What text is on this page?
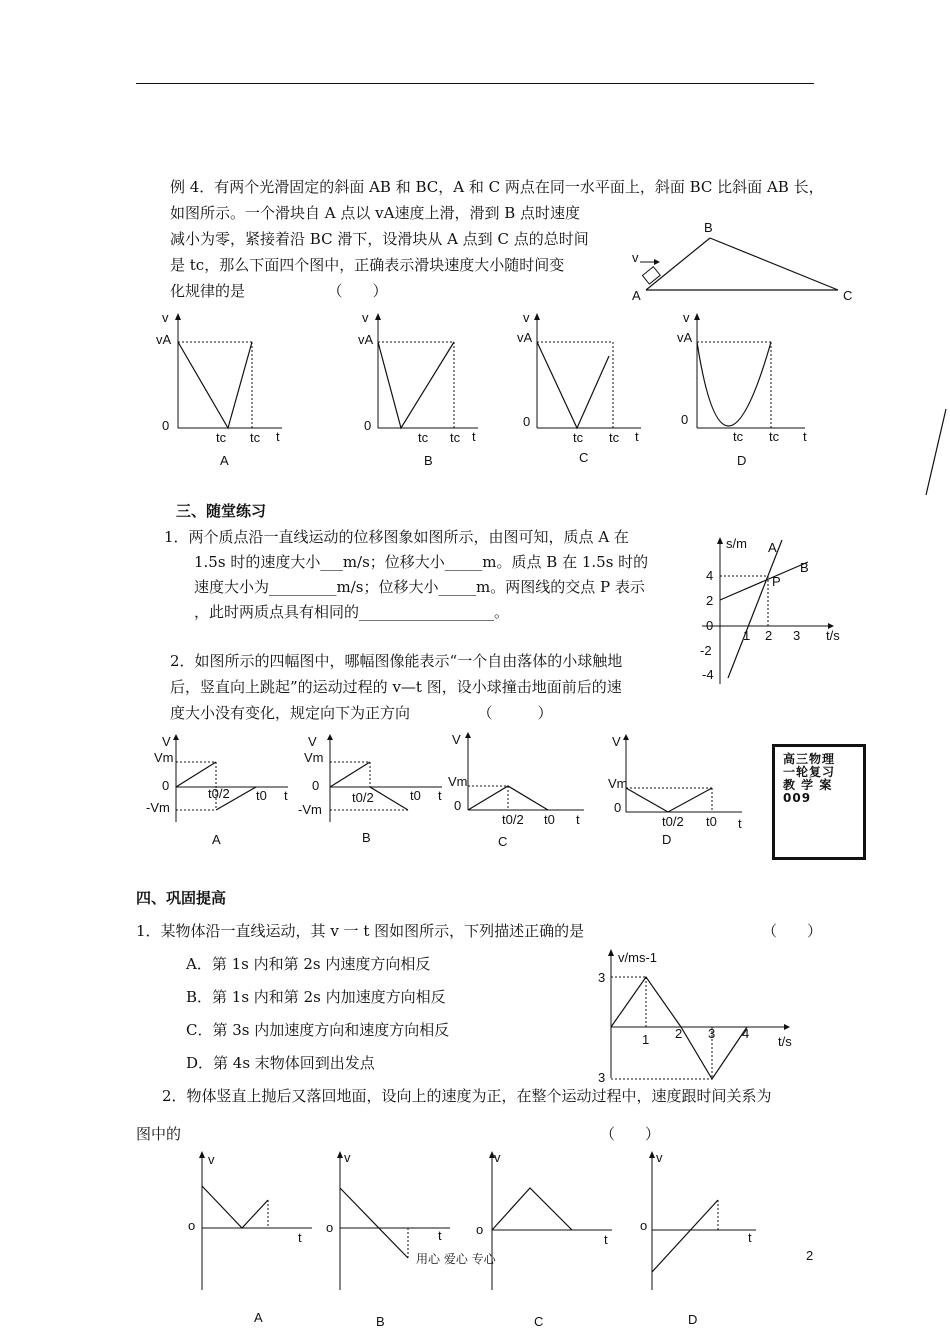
例 4．有两个光滑固定的斜面 AB 和 BC，A 和 C 两点在同一水平面上，斜面 BC 比斜面 AB 长，
如图所示。一个滑块自 A 点以 vA速度上滑，滑到 B 点时速度
减小为零，紧接着沿 BC 滑下，设滑块从 A 点到 C 点的总时间
是 tc，那么下面四个图中，正确表示滑块速度大小随时间变
化规律的是　　　　　　（　　）
v
B
A	C
v
vA
0
tc tc t
A
v
vA
0
tc tc t
B
v
vA
0
tc tc t
C
v
vA
0
tc tc t
D
三、随堂练习
1．两个质点沿一直线运动的位移图象如图所示，由图可知，质点 A 在
1.5s 时的速度大小___m/s；位移大小_____m。质点 B 在 1.5s 时的
速度大小为_________m/s；位移大小_____m。两图线的交点 P 表示
，此时两质点具有相同的__________________。
s/m A
B
P
4
2
0
-2
-4
1 2 3 t/s
2．如图所示的四幅图中，哪幅图像能表示“一个自由落体的小球触地
后，竖直向上跳起”的运动过程的 v—t 图，设小球撞击地面前后的速
度大小没有变化，规定向下为正方向　　　　　（　　　）
V
Vm
0
-Vm
t0/2 t0 t
A
V
Vm
0
-Vm
t0/2	t0 t
B
V
Vm
0
t0/2 t0 t
C
V
Vm
0
t0/2 t0 t
D
高三物理
一轮复习
教 学 案
009
四、巩固提高
1．某物体沿一直线运动，其 v 一 t 图如图所示，下列描述正确的是	（　　）
A．第 1s 内和第 2s 内速度方向相反
B．第 1s 内和第 2s 内加速度方向相反
C．第 3s 内加速度方向和速度方向相反
D．第 4s 末物体回到出发点
v/ms-1
3
3
1 2 3 4
t/s
2．物体竖直上抛后又落回地面，设向上的速度为正，在整个运动过程中，速度跟时间关系为
图中的	（　　）
v
o
t
A
v
o
t
B
v
o
t
C
v
o
t
D
用心 爱心 专心	2
